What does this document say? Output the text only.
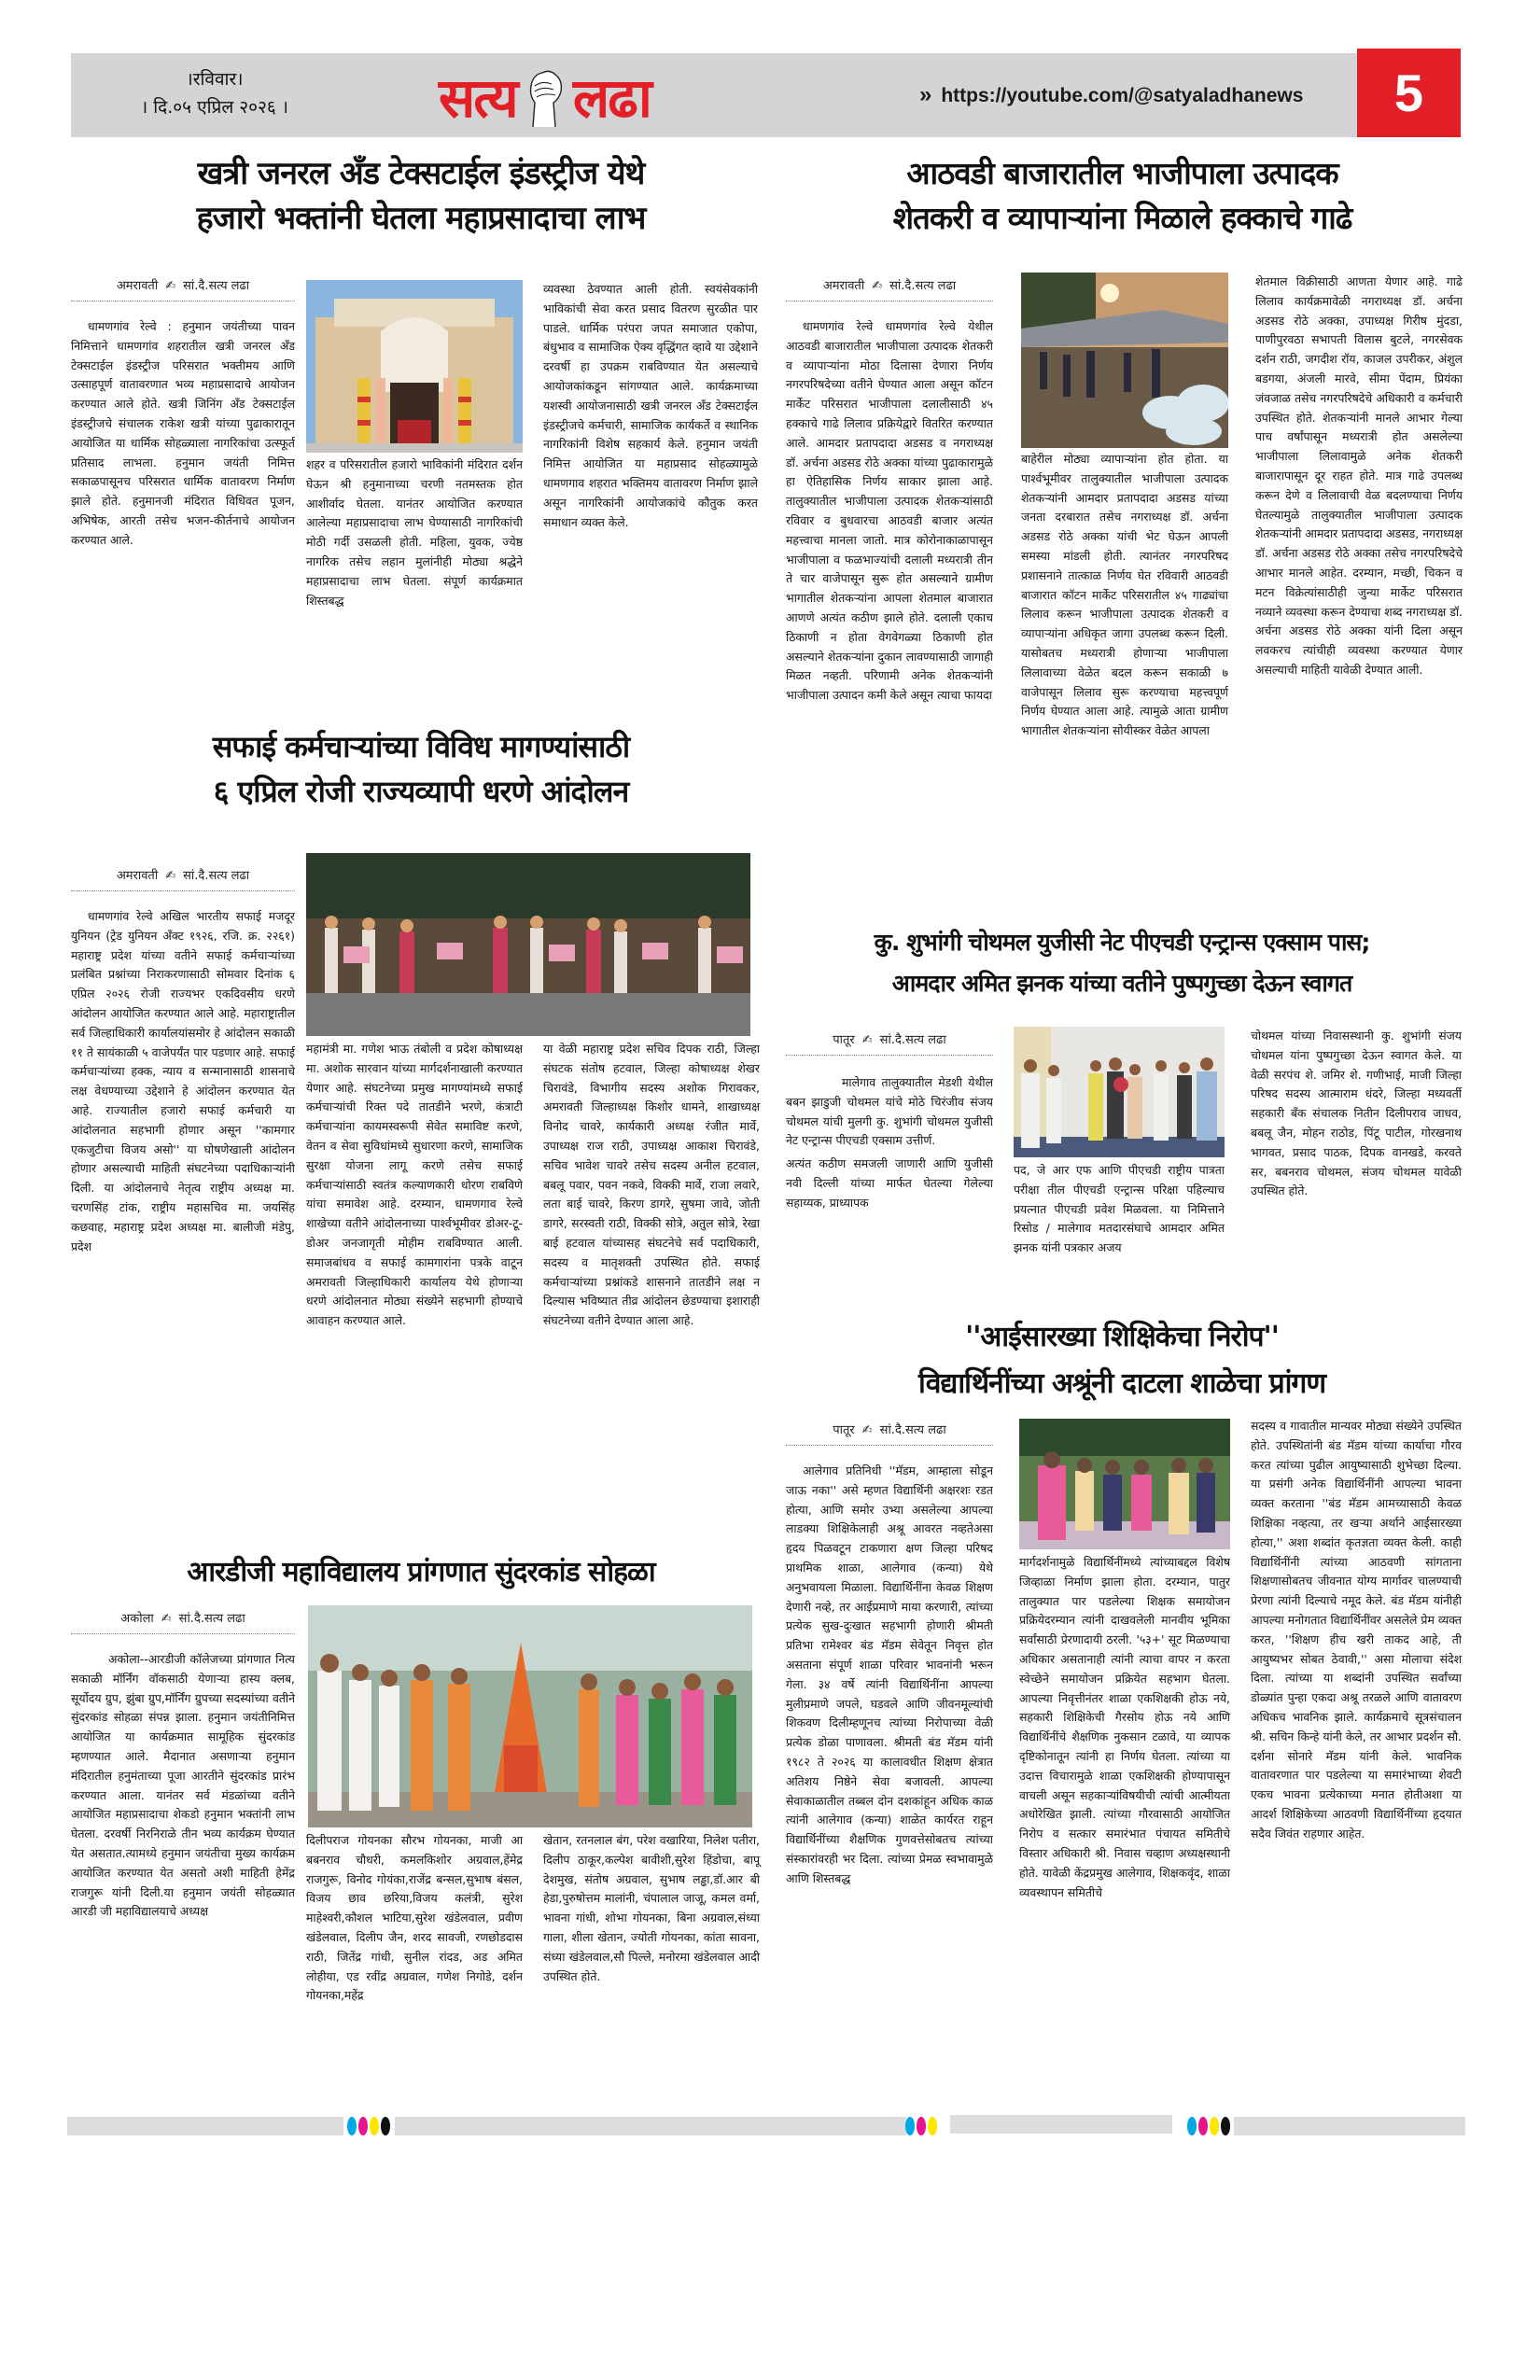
।रविवार।
। दि.०५ एप्रिल २०२६ ।	सत्य लढा	» https://youtube.com/@satyaladhanews	5
खत्री जनरल अँड टेक्सटाईल इंडस्ट्रीज येथे
हजारो भक्तांनी घेतला महाप्रसादाचा लाभ
अमरावती ✍ सां.दै.सत्य लढा

धामणगांव रेल्वे : हनुमान जयंतीच्या पावन निमित्ताने धामणगांव शहरातील खत्री जनरल अँड टेक्सटाईल इंडस्ट्रीज परिसरात भक्तीमय आणि उत्साहपूर्ण वातावरणात भव्य महाप्रसादाचे आयोजन करण्यात आले होते. खत्री जिनिंग अँड टेक्सटाईल इंडस्ट्रीजचे संचालक राकेश खत्री यांच्या पुढाकारातून आयोजित या धार्मिक सोहळ्याला नागरिकांचा उत्स्फूर्त प्रतिसाद लाभला. हनुमान जयंती निमित्त सकाळपासूनच परिसरात धार्मिक वातावरण निर्माण झाले होते. हनुमानजी मंदिरात विधिवत पूजन, अभिषेक, आरती तसेच भजन-कीर्तनाचे आयोजन करण्यात आले.

शहर व परिसरातील हजारो भाविकांनी मंदिरात दर्शन घेऊन श्री हनुमानाच्या चरणी नतमस्तक होत आशीर्वाद घेतला. यानंतर आयोजित करण्यात आलेल्या महाप्रसादाचा लाभ घेण्यासाठी नागरिकांची मोठी गर्दी उसळली होती. महिला, युवक, ज्येष्ठ नागरिक तसेच लहान मुलांनीही मोठ्या श्रद्धेने महाप्रसादाचा लाभ घेतला. संपूर्ण कार्यक्रमात शिस्तबद्ध

व्यवस्था ठेवण्यात आली होती. स्वयंसेवकांनी भाविकांची सेवा करत प्रसाद वितरण सुरळीत पार पाडले. धार्मिक परंपरा जपत समाजात एकोपा, बंधुभाव व सामाजिक ऐक्य वृद्धिंगत व्हावे या उद्देशाने दरवर्षी हा उपक्रम राबविण्यात येत असल्याचे आयोजकांकडून सांगण्यात आले. कार्यक्रमाच्या यशस्वी आयोजनासाठी खत्री जनरल अँड टेक्सटाईल इंडस्ट्रीजचे कर्मचारी, सामाजिक कार्यकर्ते व स्थानिक नागरिकांनी विशेष सहकार्य केले. हनुमान जयंती निमित्त आयोजित या महाप्रसाद सोहळ्यामुळे धामणगाव शहरात भक्तिमय वातावरण निर्माण झाले असून नागरिकांनी आयोजकांचे कौतुक करत समाधान व्यक्त केले.

आठवडी बाजारातील भाजीपाला उत्पादक
शेतकरी व व्यापाऱ्यांना मिळाले हक्काचे गाढे
अमरावती ✍ सां.दै.सत्य लढा

धामणगांव रेल्वे धामणगांव रेल्वे येथील आठवडी बाजारातील भाजीपाला उत्पादक शेतकरी व व्यापाऱ्यांना मोठा दिलासा देणारा निर्णय नगरपरिषदेच्या वतीने घेण्यात आला असून कॉटन मार्केट परिसरात भाजीपाला दलालीसाठी ४५ हक्काचे गाढे लिलाव प्रक्रियेद्वारे वितरित करण्यात आले. आमदार प्रतापदादा अडसड व नगराध्यक्ष डॉ. अर्चना अडसड रोठे अक्का यांच्या पुढाकारामुळे हा ऐतिहासिक निर्णय साकार झाला आहे. तालुक्यातील भाजीपाला उत्पादक शेतकऱ्यांसाठी रविवार व बुधवारचा आठवडी बाजार अत्यंत महत्त्वाचा मानला जातो. मात्र कोरोनाकाळापासून भाजीपाला व फळभाज्यांची दलाली मध्यरात्री तीन ते चार वाजेपासून सुरू होत असल्याने ग्रामीण भागातील शेतकऱ्यांना आपला शेतमाल बाजारात आणणे अत्यंत कठीण झाले होते. दलाली एकाच ठिकाणी न होता वेगवेगळ्या ठिकाणी होत असल्याने शेतकऱ्यांना दुकान लावण्यासाठी जागाही मिळत नव्हती. परिणामी अनेक शेतकऱ्यांनी भाजीपाला उत्पादन कमी केले असून त्याचा फायदा

बाहेरील मोठ्या व्यापाऱ्यांना होत होता. या पार्श्वभूमीवर तालुक्यातील भाजीपाला उत्पादक शेतकऱ्यांनी आमदार प्रतापदादा अडसड यांच्या जनता दरबारात तसेच नगराध्यक्ष डॉ. अर्चना अडसड रोठे अक्का यांची भेट घेऊन आपली समस्या मांडली होती. त्यानंतर नगरपरिषद प्रशासनाने तात्काळ निर्णय घेत रविवारी आठवडी बाजारात कॉटन मार्केट परिसरातील ४५ गाढ्यांचा लिलाव करून भाजीपाला उत्पादक शेतकरी व व्यापाऱ्यांना अधिकृत जागा उपलब्ध करून दिली. यासोबतच मध्यरात्री होणाऱ्या भाजीपाला लिलावाच्या वेळेत बदल करून सकाळी ७ वाजेपासून लिलाव सुरू करण्याचा महत्त्वपूर्ण निर्णय घेण्यात आला आहे. त्यामुळे आता ग्रामीण भागातील शेतकऱ्यांना सोयीस्कर वेळेत आपला

शेतमाल विक्रीसाठी आणता येणार आहे. गाढे लिलाव कार्यक्रमावेळी नगराध्यक्ष डॉ. अर्चना अडसड रोठे अक्का, उपाध्यक्ष गिरीष मुंदडा, पाणीपुरवठा सभापती विलास बुटले, नगरसेवक दर्शन राठी, जगदीश रॉय, काजल उपरीकर, अंशुल बडगया, अंजली मारवे, सीमा पेंदाम, प्रियंका जंवजाळ तसेच नगरपरिषदेचे अधिकारी व कर्मचारी उपस्थित होते. शेतकऱ्यांनी मानले आभार गेल्या पाच वर्षांपासून मध्यरात्री होत असलेल्या भाजीपाला लिलावामुळे अनेक शेतकरी बाजारापासून दूर राहत होते. मात्र गाढे उपलब्ध करून देणे व लिलावाची वेळ बदलण्याचा निर्णय घेतल्यामुळे तालुक्यातील भाजीपाला उत्पादक शेतकऱ्यांनी आमदार प्रतापदादा अडसड, नगराध्यक्ष डॉ. अर्चना अडसड रोठे अक्का तसेच नगरपरिषदेचे आभार मानले आहेत. दरम्यान, मच्छी, चिकन व मटन विक्रेत्यांसाठीही जुन्या मार्केट परिसरात नव्याने व्यवस्था करून देण्याचा शब्द नगराध्यक्ष डॉ. अर्चना अडसड रोठे अक्का यांनी दिला असून लवकरच त्यांचीही व्यवस्था करण्यात येणार असल्याची माहिती यावेळी देण्यात आली.

सफाई कर्मचाऱ्यांच्या विविध मागण्यांसाठी
६ एप्रिल रोजी राज्यव्यापी धरणे आंदोलन
अमरावती ✍ सां.दै.सत्य लढा

धामणगांव रेल्वे अखिल भारतीय सफाई मजदूर युनियन (ट्रेड युनियन अँक्ट १९२६, रजि. क्र. २२६१) महाराष्ट्र प्रदेश यांच्या वतीने सफाई कर्मचाऱ्यांच्या प्रलंबित प्रश्नांच्या निराकरणासाठी सोमवार दिनांक ६ एप्रिल २०२६ रोजी राज्यभर एकदिवसीय धरणे आंदोलन आयोजित करण्यात आले आहे. महाराष्ट्रातील सर्व जिल्हाधिकारी कार्यालयांसमोर हे आंदोलन सकाळी ११ ते सायंकाळी ५ वाजेपर्यंत पार पडणार आहे. सफाई कर्मचाऱ्यांच्या हक्क, न्याय व सन्मानासाठी शासनाचे लक्ष वेधण्याच्या उद्देशाने हे आंदोलन करण्यात येत आहे. राज्यातील हजारो सफाई कर्मचारी या आंदोलनात सहभागी होणार असून ''कामगार एकजुटीचा विजय असो'' या घोषणेखाली आंदोलन होणार असल्याची माहिती संघटनेच्या पदाधिकाऱ्यांनी दिली. या आंदोलनाचे नेतृत्व राष्ट्रीय अध्यक्ष मा. चरणसिंह टांक, राष्ट्रीय महासचिव मा. जयसिंह कछवाह, महाराष्ट्र प्रदेश अध्यक्ष मा. बालीजी मंडेपु, प्रदेश

महामंत्री मा. गणेश भाऊ तंबोली व प्रदेश कोषाध्यक्ष मा. अशोक सारवान यांच्या मार्गदर्शनाखाली करण्यात येणार आहे. संघटनेच्या प्रमुख मागण्यांमध्ये सफाई कर्मचाऱ्यांची रिक्त पदे तातडीने भरणे, कंत्राटी कर्मचाऱ्यांना कायमस्वरूपी सेवेत समाविष्ट करणे, वेतन व सेवा सुविधांमध्ये सुधारणा करणे, सामाजिक सुरक्षा योजना लागू करणे तसेच सफाई कर्मचाऱ्यांसाठी स्वतंत्र कल्याणकारी धोरण राबविणे यांचा समावेश आहे. दरम्यान, धामणगाव रेल्वे शाखेच्या वतीने आंदोलनाच्या पार्श्वभूमीवर डोअर-टू-डोअर जनजागृती मोहीम राबविण्यात आली. समाजबांधव व सफाई कामगारांना पत्रके वाटून अमरावती जिल्हाधिकारी कार्यालय येथे होणाऱ्या धरणे आंदोलनात मोठ्या संख्येने सहभागी होण्याचे आवाहन करण्यात आले.

या वेळी महाराष्ट्र प्रदेश सचिव दिपक राठी, जिल्हा संघटक संतोष हटवाल, जिल्हा कोषाध्यक्ष शेखर चिरावंडे, विभागीय सदस्य अशोक गिरावकर, अमरावती जिल्हाध्यक्ष किशोर धामने, शाखाध्यक्ष विनोद चावरे, कार्यकारी अध्यक्ष रंजीत मार्वे, उपाध्यक्ष राज राठी, उपाध्यक्ष आकाश चिरावंडे, सचिव भावेश चावरे तसेच सदस्य अनील हटवाल, बबलू पवार, पवन नकवे, विक्की मार्वे, राजा लवारे, लता बाई चावरे, किरण डागरे, सुषमा जावे, जोती डागरे, सरस्वती राठी, विक्की सोत्रे, अतुल सोत्रे, रेखा बाई हटवाल यांच्यासह संघटनेचे सर्व पदाधिकारी, सदस्य व मातृशक्ती उपस्थित होते. सफाई कर्मचाऱ्यांच्या प्रश्नांकडे शासनाने तातडीने लक्ष न दिल्यास भविष्यात तीव्र आंदोलन छेडण्याचा इशाराही संघटनेच्या वतीने देण्यात आला आहे.

कु. शुभांगी चोथमल युजीसी नेट पीएचडी एन्ट्रान्स एक्साम पास;
आमदार अमित झनक यांच्या वतीने पुष्पगुच्छा देऊन स्वागत
पातूर ✍ सां.दै.सत्य लढा

मालेगाव तालुक्यातील मेडशी येथील बबन झाडुजी चोथमल यांचे मोठे चिरंजीव संजय चोथमल यांची मुलगी कु. शुभांगी चोथमल युजीसी नेट एन्ट्रान्स पीएचडी एक्साम उत्तीर्ण.

अत्यंत कठीण समजली जाणारी आणि युजीसी नवी दिल्ली यांच्या मार्फत घेतल्या गेलेल्या सहाय्यक, प्राध्यापक

पद, जे आर एफ आणि पीएचडी राष्ट्रीय पात्रता परीक्षा तील पीएचडी एन्ट्रान्स परिक्षा पहिल्याच प्रयत्नात पीएचडी प्रवेश मिळवला. या निमित्ताने रिसोड / मालेगाव मतदारसंघाचे आमदार अमित झनक यांनी पत्रकार अजय

चोथमल यांच्या निवासस्थानी कु. शुभांगी संजय चोथमल यांना पुष्पगुच्छा देऊन स्वागत केले. या वेळी सरपंच शे. जमिर शे. गणीभाई, माजी जिल्हा परिषद सदस्य आत्माराम धंदरे, जिल्हा मध्यवर्ती सहकारी बँक संचालक नितीन दिलीपराव जाधव, बबलू जैन, मोहन राठोड, पिंटू पाटील, गोरखनाथ भागवत, प्रसाद पाठक, दिपक वानखडे, करवते सर, बबनराव चोथमल, संजय चोथमल यावेळी उपस्थित होते.

''आईसारख्या शिक्षिकेचा निरोप''
विद्यार्थिनींच्या अश्रूंनी दाटला शाळेचा प्रांगण
पातूर ✍ सां.दै.सत्य लढा

आलेगाव प्रतिनिधी ''मॅडम, आम्हाला सोडून जाऊ नका'' असे म्हणत विद्यार्थिनी अक्षरशः रडत होत्या, आणि समोर उभ्या असलेल्या आपल्या लाडक्या शिक्षिकेलाही अश्रू आवरत नव्हतेअसा हृदय पिळवटून टाकणारा क्षण जिल्हा परिषद प्राथमिक शाळा, आलेगाव (कन्या) येथे अनुभवायला मिळाला. विद्यार्थिनींना केवळ शिक्षण देणारी नव्हे, तर आईप्रमाणे माया करणारी, त्यांच्या प्रत्येक सुख-दुःखात सहभागी होणारी श्रीमती प्रतिभा रामेश्वर बंड मॅडम सेवेतून निवृत्त होत असताना संपूर्ण शाळा परिवार भावनांनी भरून गेला. ३४ वर्षे त्यांनी विद्यार्थिनींना आपल्या मुलीप्रमाणे जपले, घडवले आणि जीवनमूल्यांची शिकवण दिलीम्हणूनच त्यांच्या निरोपाच्या वेळी प्रत्येक डोळा पाणावला. श्रीमती बंड मॅडम यांनी १९८२ ते २०२६ या कालावधीत शिक्षण क्षेत्रात अतिशय निष्ठेने सेवा बजावली. आपल्या सेवाकाळातील तब्बल दोन दशकांहून अधिक काळ त्यांनी आलेगाव (कन्या) शाळेत कार्यरत राहून विद्यार्थिनींच्या शैक्षणिक गुणवत्तेसोबतच त्यांच्या संस्कारांवरही भर दिला. त्यांच्या प्रेमळ स्वभावामुळे आणि शिस्तबद्ध

मार्गदर्शनामुळे विद्यार्थिनींमध्ये त्यांच्याबद्दल विशेष जिव्हाळा निर्माण झाला होता. दरम्यान, पातुर तालुक्यात पार पडलेल्या शिक्षक समायोजन प्रक्रियेदरम्यान त्यांनी दाखवलेली मानवीय भूमिका सर्वांसाठी प्रेरणादायी ठरली. '५३+' सूट मिळण्याचा अधिकार असतानाही त्यांनी त्याचा वापर न करता स्वेच्छेने समायोजन प्रक्रियेत सहभाग घेतला. आपल्या निवृत्तीनंतर शाळा एकशिक्षकी होऊ नये, सहकारी शिक्षिकेची गैरसोय होऊ नये आणि विद्यार्थिनींचे शैक्षणिक नुकसान टळावे, या व्यापक दृष्टिकोनातून त्यांनी हा निर्णय घेतला. त्यांच्या या उदात्त विचारामुळे शाळा एकशिक्षकी होण्यापासून वाचली असून सहकाऱ्यांविषयीची त्यांची आत्मीयता अधोरेखित झाली. त्यांच्या गौरवासाठी आयोजित निरोप व सत्कार समारंभात पंचायत समितीचे विस्तार अधिकारी श्री. निवास चव्हाण अध्यक्षस्थानी होते. यावेळी केंद्रप्रमुख आलेगाव, शिक्षकवृंद, शाळा व्यवस्थापन समितीचे

सदस्य व गावातील मान्यवर मोठ्या संख्येने उपस्थित होते. उपस्थितांनी बंड मॅडम यांच्या कार्याचा गौरव करत त्यांच्या पुढील आयुष्यासाठी शुभेच्छा दिल्या. या प्रसंगी अनेक विद्यार्थिनींनी आपल्या भावना व्यक्त करताना ''बंड मॅडम आमच्यासाठी केवळ शिक्षिका नव्हत्या, तर खऱ्या अर्थाने आईसारख्या होत्या,'' अशा शब्दांत कृतज्ञता व्यक्त केली. काही विद्यार्थिनींनी त्यांच्या आठवणी सांगताना शिक्षणासोबतच जीवनात योग्य मार्गावर चालण्याची प्रेरणा त्यांनी दिल्याचे नमूद केले. बंड मॅडम यांनीही आपल्या मनोगतात विद्यार्थिनींवर असलेले प्रेम व्यक्त करत, ''शिक्षण हीच खरी ताकद आहे, ती आयुष्यभर सोबत ठेवावी,'' असा मोलाचा संदेश दिला. त्यांच्या या शब्दांनी उपस्थित सर्वांच्या डोळ्यांत पुन्हा एकदा अश्रू तरळले आणि वातावरण अधिकच भावनिक झाले. कार्यक्रमाचे सूत्रसंचालन श्री. सचिन किन्हे यांनी केले, तर आभार प्रदर्शन सौ. दर्शना सोनारे मॅडम यांनी केले. भावनिक वातावरणात पार पडलेल्या या समारंभाच्या शेवटी एकच भावना प्रत्येकाच्या मनात होतीअशा या आदर्श शिक्षिकेच्या आठवणी विद्यार्थिनींच्या हृदयात सदैव जिवंत राहणार आहेत.

आरडीजी महाविद्यालय प्रांगणात सुंदरकांड सोहळा
अकोला ✍ सां.दै.सत्य लढा

अकोला--आरडीजी कॉलेजच्या प्रांगणात नित्य सकाळी मॉर्निंग वॉकसाठी येणाऱ्या हास्य क्लब, सूर्योदय ग्रुप, झुंबा ग्रुप,मॉर्निंग ग्रुपच्या सदस्यांच्या वतीने सुंदरकांड सोहळा संपन्न झाला. हनुमान जयंतीनिमित्त आयोजित या कार्यक्रमात सामूहिक सुंदरकांड म्हणण्यात आले. मैदानात असणाऱ्या हनुमान मंदिरातील हनुमंताच्या पूजा आरतीने सुंदरकांड प्रारंभ करण्यात आला. यानंतर सर्व मंडळांच्या वतीने आयोजित महाप्रसादाचा शेकडो हनुमान भक्तांनी लाभ घेतला. दरवर्षी निरनिराळे तीन भव्य कार्यक्रम घेण्यात येत असतात.त्यामध्ये हनुमान जयंतीचा मुख्य कार्यक्रम आयोजित करण्यात येत असतो अशी माहिती हेमेंद्र राजगुरू यांनी दिली.या हनुमान जयंती सोहळ्यात आरडी जी महाविद्यालयाचे अध्यक्ष

दिलीपराज गोयनका सौरभ गोयनका, माजी आ बबनराव चौधरी, कमलकिशोर अग्रवाल,हेंमेद्र राजगुरू, विनोद गोयंका,राजेंद्र बन्सल,सुभाष बंसल, विजय छाव छरिया,विजय कलंत्री, सुरेश माहेश्वरी,कौशल भाटिया,सुरेश खंडेलवाल, प्रवीण खंडेलवाल, दिलीप जैन, शरद सावजी, रणछोडदास राठी, जितेंद्र गांधी, सुनील रांदड, अड अमित लोहीया, एड रवींद्र अग्रवाल, गणेश निगोडे, दर्शन गोयनका,महेंद्र

खेतान, रतनलाल बंग, परेश वखारिया, निलेश पतीरा, दिलीप ठाकूर,कल्पेश बावीशी,सुरेश हिंडोचा, बापू देशमुख, संतोष अग्रवाल, सुभाष लड्ढा,डॉ.आर बी हेडा,पुरुषोत्तम मालांनी, चंपालाल जाजू, कमल वर्मा, भावना गांधी, शोभा गोयनका, बिना अग्रवाल,संध्या गाला, शीला खेतान, ज्योती गोयनका, कांता सावना, संध्या खंडेलवाल,सौ पिल्ले, मनोरमा खंडेलवाल आदी उपस्थित होते.
